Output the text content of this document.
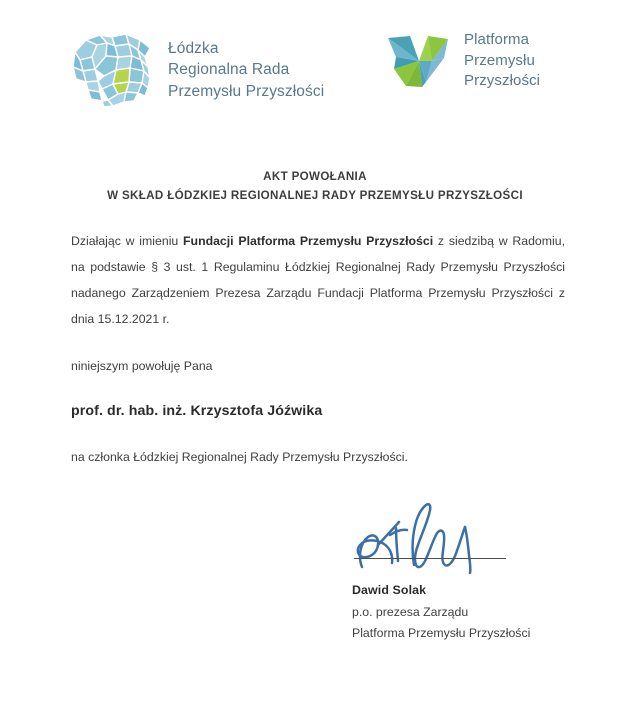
Łódzka
Regionalna Rada
Przemysłu Przyszłości
Platforma
Przemysłu
Przyszłości
AKT POWOŁANIA
W SKŁAD ŁÓDZKIEJ REGIONALNEJ RADY PRZEMYSŁU PRZYSZŁOŚCI

Działając w imieniu Fundacji Platforma Przemysłu Przyszłości z siedzibą w Radomiu, na podstawie § 3 ust. 1 Regulaminu Łódzkiej Regionalnej Rady Przemysłu Przyszłości nadanego Zarządzeniem Prezesa Zarządu Fundacji Platforma Przemysłu Przyszłości z dnia 15.12.2021 r.

niniejszym powołuję Pana

prof. dr. hab. inż. Krzysztofa Jóźwika

na członka Łódzkiej Regionalnej Rady Przemysłu Przyszłości.

Dawid Solak
p.o. prezesa Zarządu
Platforma Przemysłu Przyszłości
